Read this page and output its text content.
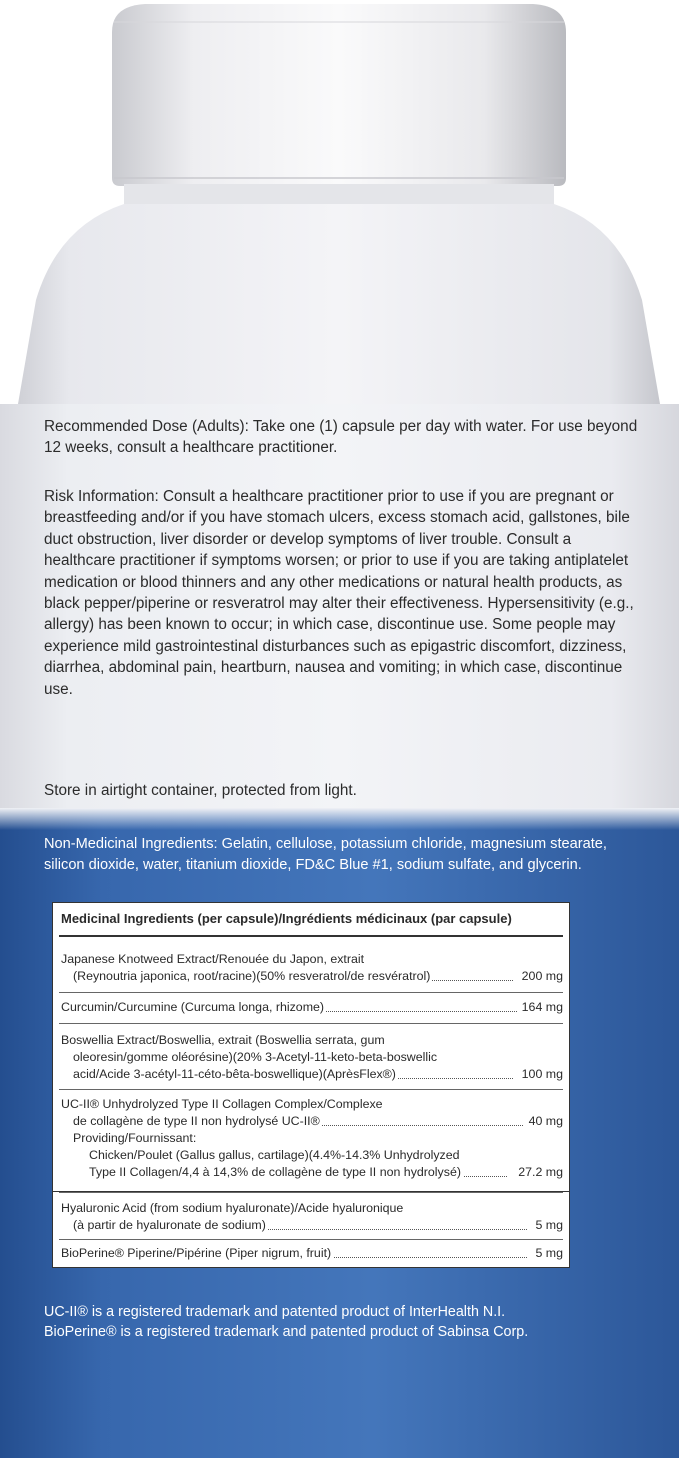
Recommended Dose (Adults): Take one (1) capsule per day with water. For use beyond 12 weeks, consult a healthcare practitioner.

Risk Information: Consult a healthcare practitioner prior to use if you are pregnant or breastfeeding and/or if you have stomach ulcers, excess stomach acid, gallstones, bile duct obstruction, liver disorder or develop symptoms of liver trouble. Consult a healthcare practitioner if symptoms worsen; or prior to use if you are taking antiplatelet medication or blood thinners and any other medications or natural health products, as black pepper/piperine or resveratrol may alter their effectiveness. Hypersensitivity (e.g., allergy) has been known to occur; in which case, discontinue use. Some people may experience mild gastrointestinal disturbances such as epigastric discomfort, dizziness, diarrhea, abdominal pain, heartburn, nausea and vomiting; in which case, discontinue use.

Store in airtight container, protected from light.

Non-Medicinal Ingredients: Gelatin, cellulose, potassium chloride, magnesium stearate, silicon dioxide, water, titanium dioxide, FD&C Blue #1, sodium sulfate, and glycerin.

Medicinal Ingredients (per capsule)/Ingrédients médicinaux (par capsule)
Japanese Knotweed Extract/Renouée du Japon, extrait
(Reynoutria japonica, root/racine)(50% resveratrol/de resvératrol)	200 mg
Curcumin/Curcumine (Curcuma longa, rhizome)	164 mg
Boswellia Extract/Boswellia, extrait (Boswellia serrata, gum
oleoresin/gomme oléorésine)(20% 3-Acetyl-11-keto-beta-boswellic
acid/Acide 3-acétyl-11-céto-bêta-boswellique)(AprèsFlex®)	100 mg
UC-II® Unhydrolyzed Type II Collagen Complex/Complexe
de collagène de type II non hydrolysé UC-II®	40 mg
Providing/Fournissant:
Chicken/Poulet (Gallus gallus, cartilage)(4.4%-14.3% Unhydrolyzed
Type II Collagen/4,4 à 14,3% de collagène de type II non hydrolysé)	27.2 mg
Hyaluronic Acid (from sodium hyaluronate)/Acide hyaluronique
(à partir de hyaluronate de sodium)	5 mg
BioPerine® Piperine/Pipérine (Piper nigrum, fruit)	5 mg

UC-II® is a registered trademark and patented product of InterHealth N.I.

BioPerine® is a registered trademark and patented product of Sabinsa Corp.
